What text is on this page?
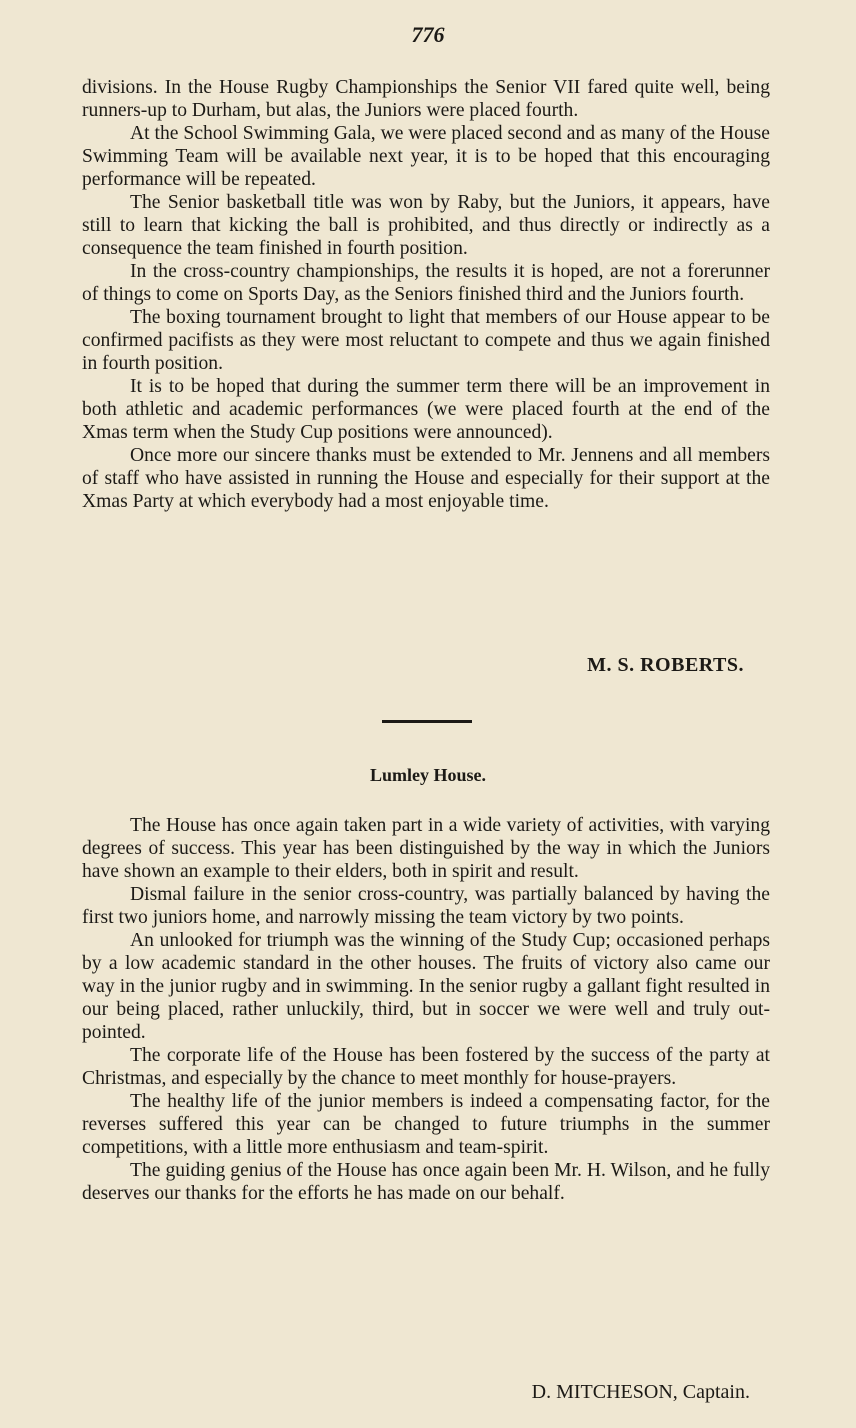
776

divisions. In the House Rugby Championships the Senior VII fared quite well, being runners-up to Durham, but alas, the Juniors were placed fourth.

At the School Swimming Gala, we were placed second and as many of the House Swimming Team will be available next year, it is to be hoped that this encouraging performance will be repeated.

The Senior basketball title was won by Raby, but the Juniors, it appears, have still to learn that kicking the ball is prohibited, and thus directly or indirectly as a consequence the team finished in fourth position.

In the cross-country championships, the results it is hoped, are not a forerunner of things to come on Sports Day, as the Seniors finished third and the Juniors fourth.

The boxing tournament brought to light that members of our House appear to be confirmed pacifists as they were most reluctant to compete and thus we again finished in fourth position.

It is to be hoped that during the summer term there will be an improvement in both athletic and academic performances (we were placed fourth at the end of the Xmas term when the Study Cup positions were announced).

Once more our sincere thanks must be extended to Mr. Jennens and all members of staff who have assisted in running the House and especially for their support at the Xmas Party at which everybody had a most enjoyable time.

M. S. ROBERTS.
Lumley House.

The House has once again taken part in a wide variety of activities, with varying degrees of success. This year has been distinguished by the way in which the Juniors have shown an example to their elders, both in spirit and result.

Dismal failure in the senior cross-country, was partially balanced by having the first two juniors home, and narrowly missing the team victory by two points.

An unlooked for triumph was the winning of the Study Cup; occasioned perhaps by a low academic standard in the other houses. The fruits of victory also came our way in the junior rugby and in swimming. In the senior rugby a gallant fight resulted in our being placed, rather unluckily, third, but in soccer we were well and truly out-pointed.

The corporate life of the House has been fostered by the success of the party at Christmas, and especially by the chance to meet monthly for house-prayers.

The healthy life of the junior members is indeed a compensating factor, for the reverses suffered this year can be changed to future triumphs in the summer competitions, with a little more enthusiasm and team-spirit.

The guiding genius of the House has once again been Mr. H. Wilson, and he fully deserves our thanks for the efforts he has made on our behalf.

D. MITCHESON, Captain.
